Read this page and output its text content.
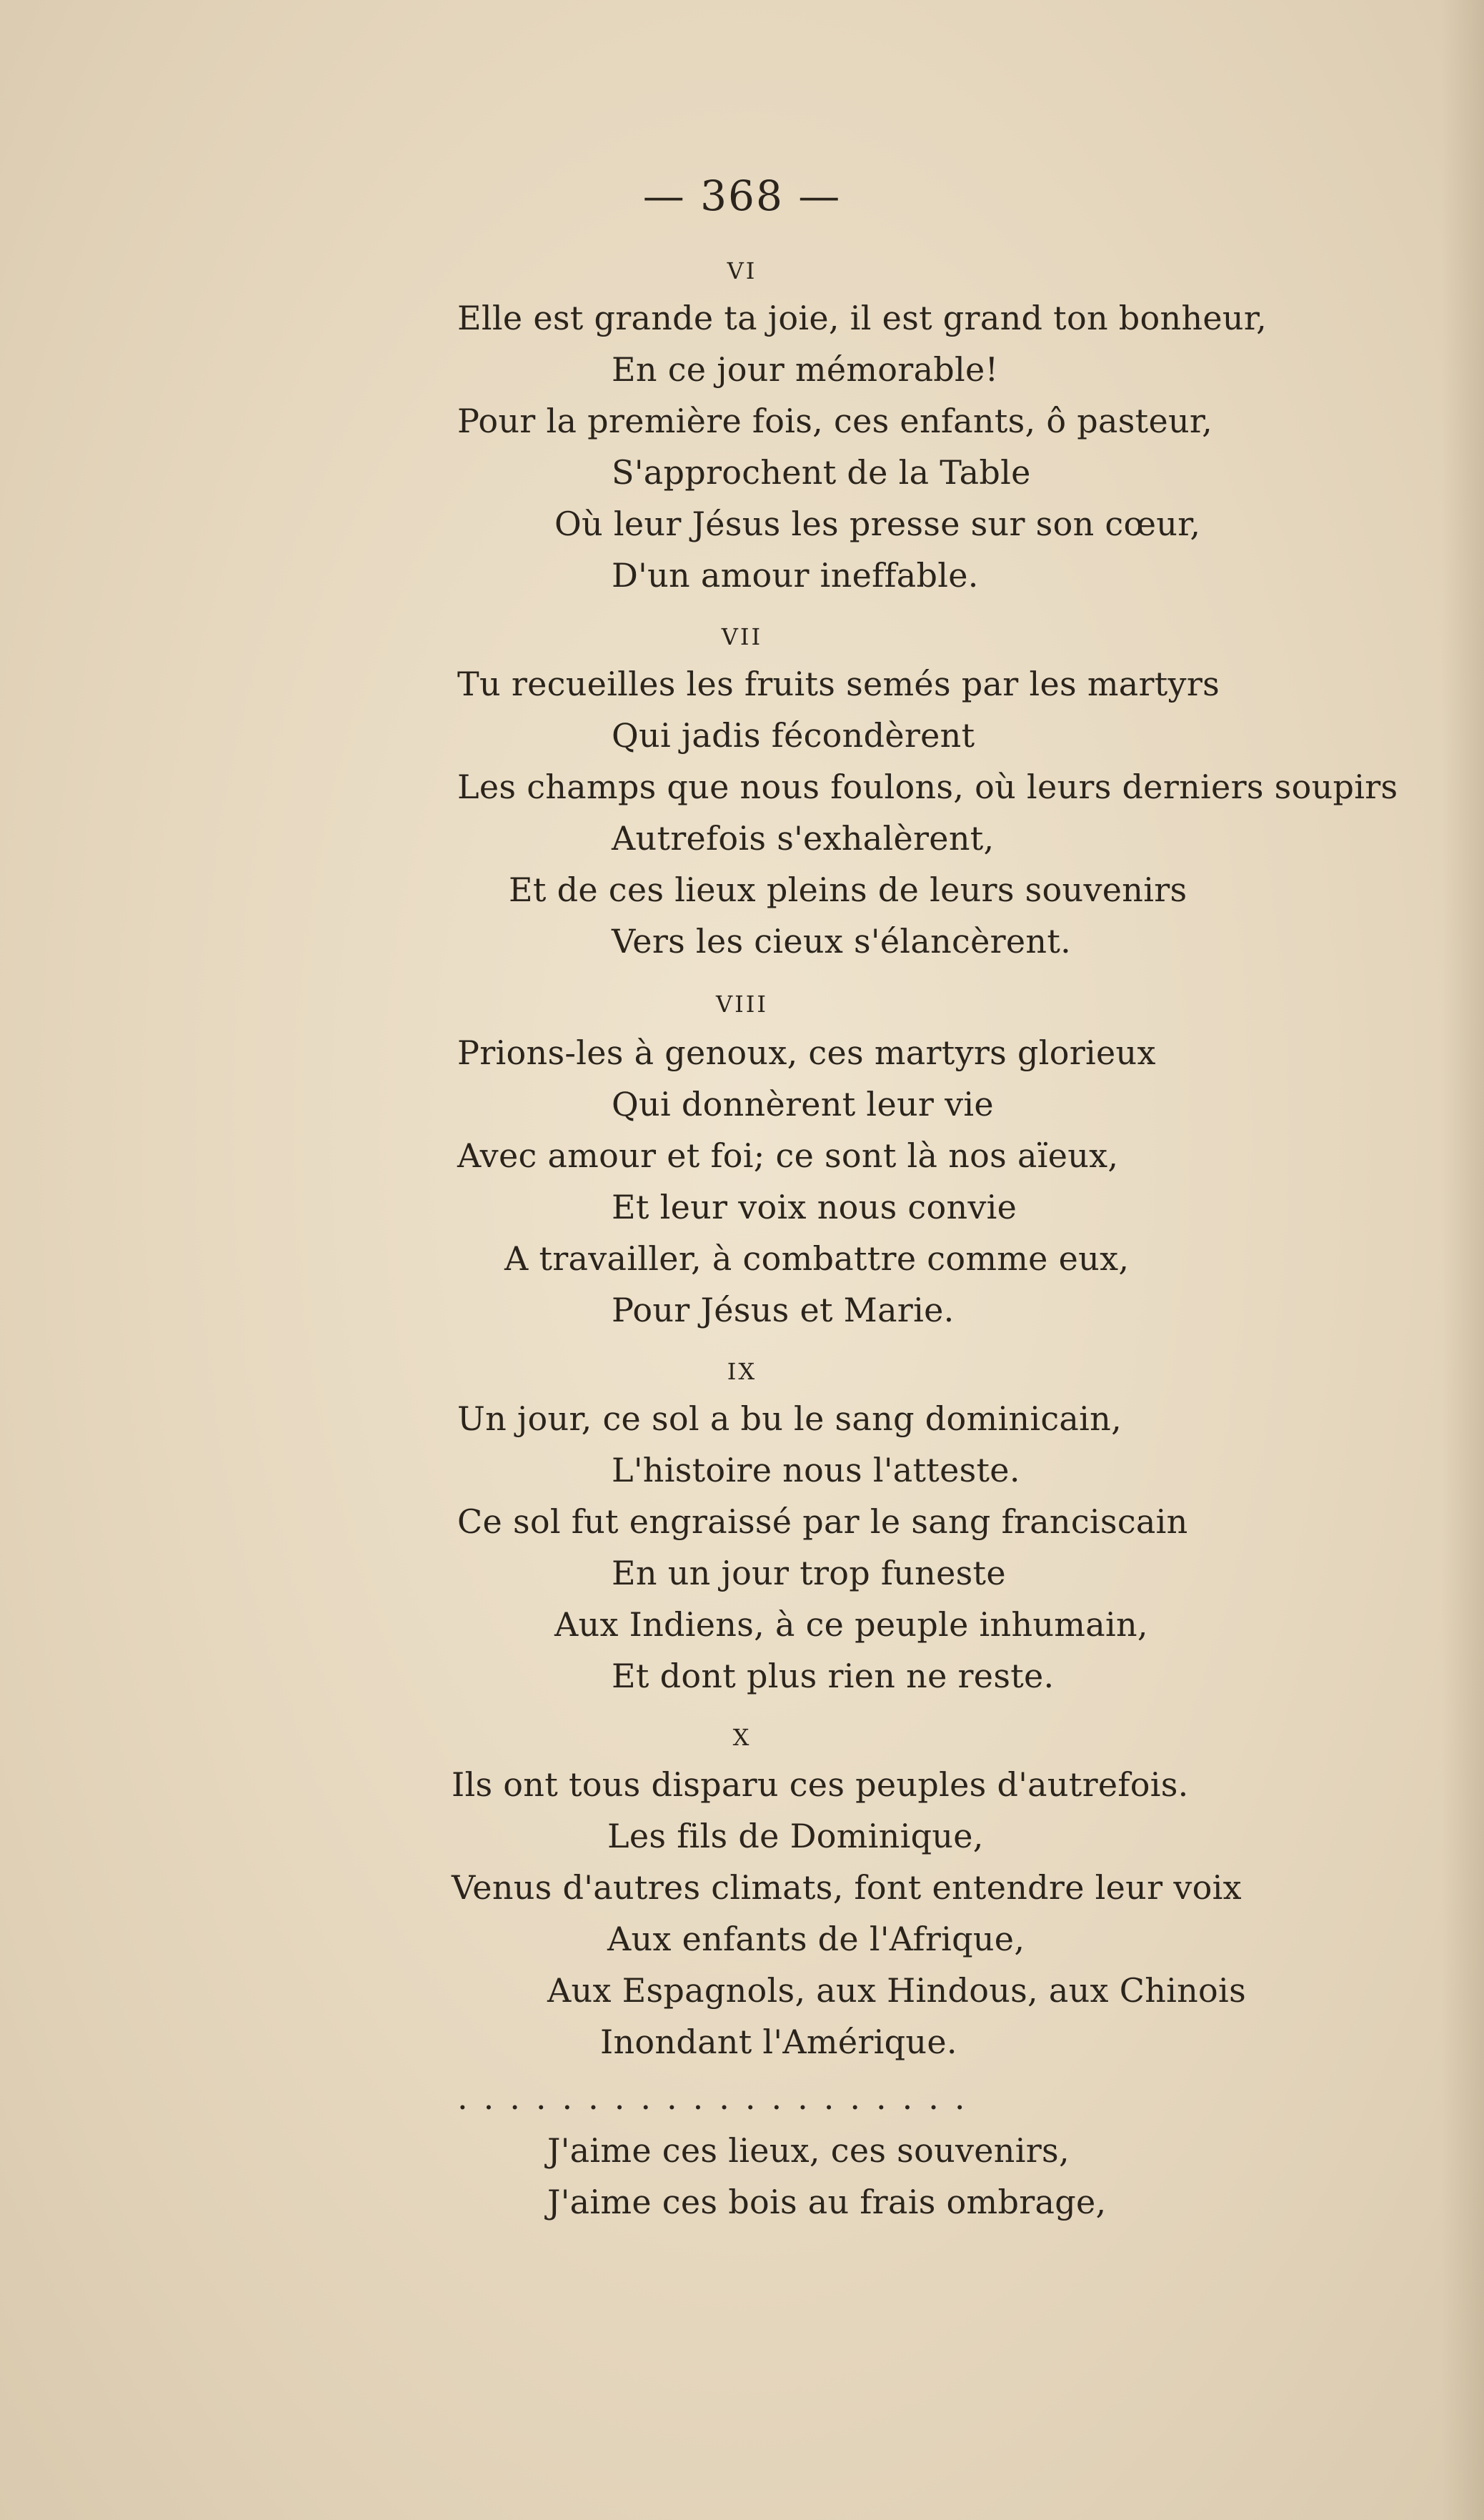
— 368 —
VI
Elle est grande ta joie, il est grand ton bonheur,
En ce jour mémorable!
Pour la première fois, ces enfants, ô pasteur,
S'approchent de la Table
Où leur Jésus les presse sur son cœur,
D'un amour ineffable.
VII
Tu recueilles les fruits semés par les martyrs
Qui jadis fécondèrent
Les champs que nous foulons, où leurs derniers soupirs
Autrefois s'exhalèrent,
Et de ces lieux pleins de leurs souvenirs
Vers les cieux s'élancèrent.
VIII
Prions-les à genoux, ces martyrs glorieux
Qui donnèrent leur vie
Avec amour et foi; ce sont là nos aïeux,
Et leur voix nous convie
A travailler, à combattre comme eux,
Pour Jésus et Marie.
IX
Un jour, ce sol a bu le sang dominicain,
L'histoire nous l'atteste.
Ce sol fut engraissé par le sang franciscain
En un jour trop funeste
Aux Indiens, à ce peuple inhumain,
Et dont plus rien ne reste.
X
Ils ont tous disparu ces peuples d'autrefois.
Les fils de Dominique,
Venus d'autres climats, font entendre leur voix
Aux enfants de l'Afrique,
Aux Espagnols, aux Hindous, aux Chinois
Inondant l'Amérique.
....................
J'aime ces lieux, ces souvenirs,
J'aime ces bois au frais ombrage,
